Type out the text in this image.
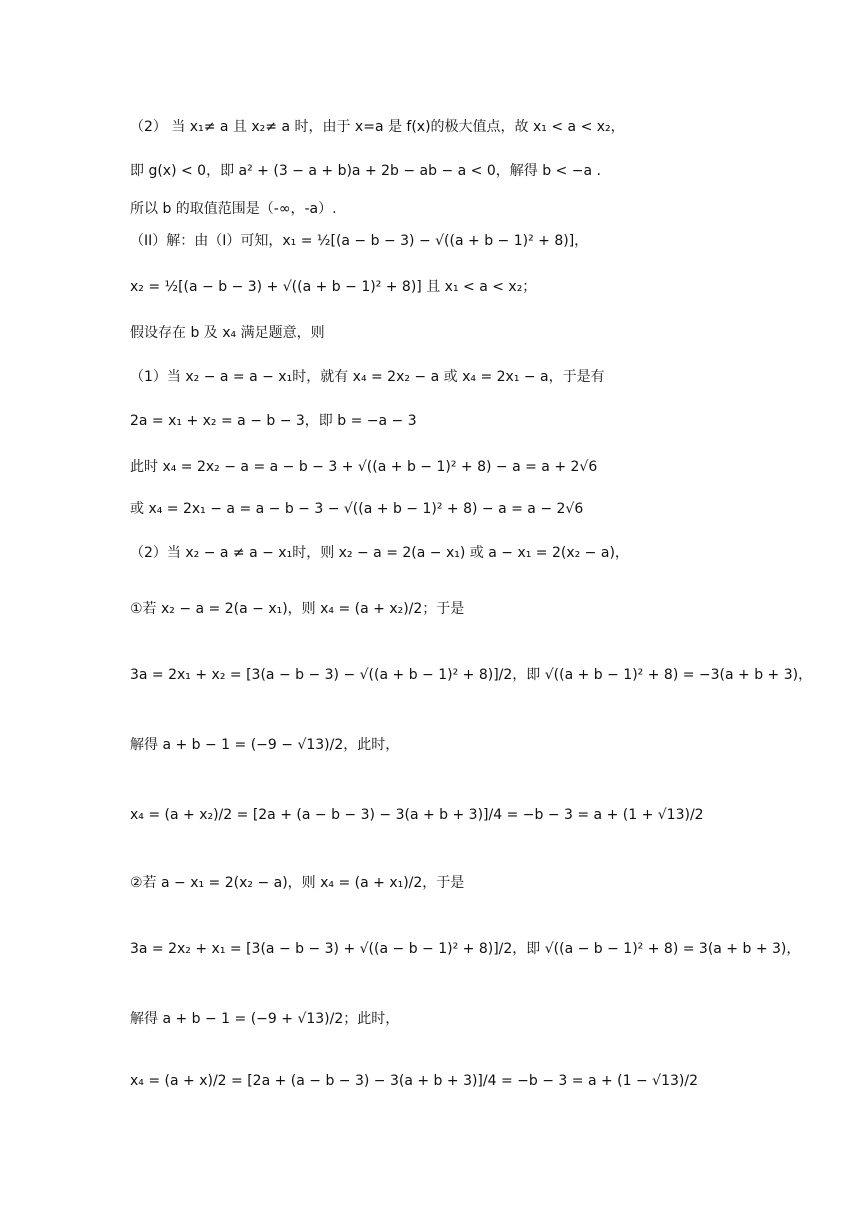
（2） 当 x₁≠ a 且 x₂≠ a 时，由于 x=a 是 f(x)的极大值点，故 x₁ < a < x₂，
即 g(x) < 0，即 a² + (3 − a + b)a + 2b − ab − a < 0，解得 b < −a .
所以 b 的取值范围是（-∞，-a）.
（II）解：由（I）可知，x₁ = ½[(a − b − 3) − √((a + b − 1)² + 8)]，
x₂ = ½[(a − b − 3) + √((a + b − 1)² + 8)] 且 x₁ < a < x₂；
假设存在 b 及 x₄ 满足题意，则
（1）当 x₂ − a = a − x₁时，就有 x₄ = 2x₂ − a 或 x₄ = 2x₁ − a，于是有
2a = x₁ + x₂ = a − b − 3，即 b = −a − 3
此时 x₄ = 2x₂ − a = a − b − 3 + √((a + b − 1)² + 8) − a = a + 2√6
或 x₄ = 2x₁ − a = a − b − 3 − √((a + b − 1)² + 8) − a = a − 2√6
（2）当 x₂ − a ≠ a − x₁时，则 x₂ − a = 2(a − x₁) 或 a − x₁ = 2(x₂ − a)，
①若 x₂ − a = 2(a − x₁)，则 x₄ = (a + x₂)/2；于是
3a = 2x₁ + x₂ = [3(a − b − 3) − √((a + b − 1)² + 8)]/2，即 √((a + b − 1)² + 8) = −3(a + b + 3)，
解得 a + b − 1 = (−9 − √13)/2，此时，
x₄ = (a + x₂)/2 = [2a + (a − b − 3) − 3(a + b + 3)]/4 = −b − 3 = a + (1 + √13)/2
②若 a − x₁ = 2(x₂ − a)，则 x₄ = (a + x₁)/2，于是
3a = 2x₂ + x₁ = [3(a − b − 3) + √((a − b − 1)² + 8)]/2，即 √((a − b − 1)² + 8) = 3(a + b + 3)，
解得 a + b − 1 = (−9 + √13)/2；此时，
x₄ = (a + x)/2 = [2a + (a − b − 3) − 3(a + b + 3)]/4 = −b − 3 = a + (1 − √13)/2
